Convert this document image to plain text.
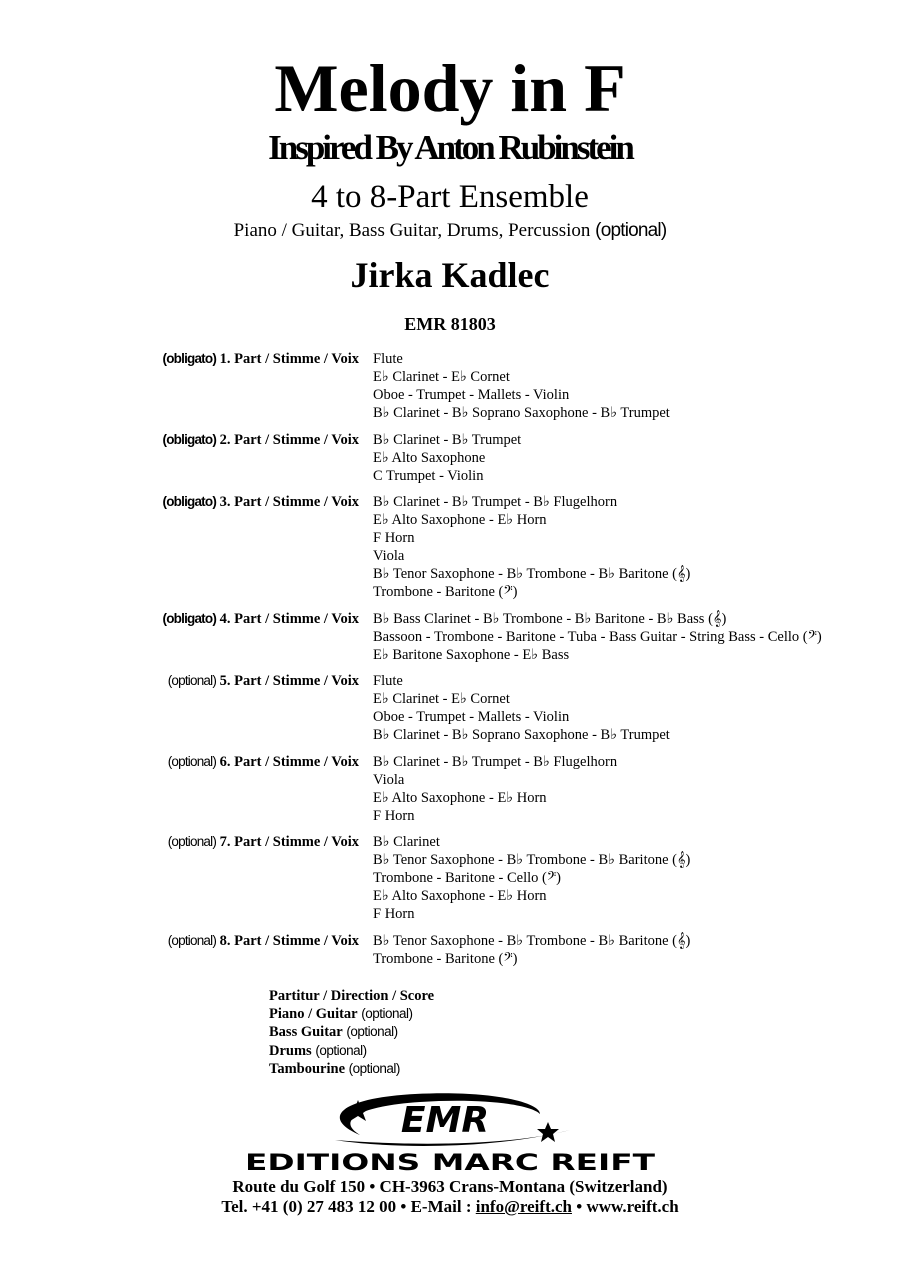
Melody in F
Inspired By Anton Rubinstein
4 to 8-Part Ensemble
Piano / Guitar, Bass Guitar, Drums, Percussion (optional)
Jirka Kadlec
EMR 81803
(obligato) 1. Part / Stimme / Voix Flute
E♭ Clarinet - E♭ Cornet
Oboe - Trumpet - Mallets - Violin
B♭ Clarinet - B♭ Soprano Saxophone - B♭ Trumpet
(obligato) 2. Part / Stimme / Voix B♭ Clarinet - B♭ Trumpet
E♭ Alto Saxophone
C Trumpet - Violin
(obligato) 3. Part / Stimme / Voix B♭ Clarinet - B♭ Trumpet - B♭ Flugelhorn
E♭ Alto Saxophone - E♭ Horn
F Horn
Viola
B♭ Tenor Saxophone - B♭ Trombone - B♭ Baritone (𝄞)
Trombone - Baritone (𝄢)
(obligato) 4. Part / Stimme / Voix B♭ Bass Clarinet - B♭ Trombone - B♭ Baritone - B♭ Bass (𝄞)
Bassoon - Trombone - Baritone - Tuba - Bass Guitar - String Bass - Cello (𝄢)
E♭ Baritone Saxophone - E♭ Bass
(optional) 5. Part / Stimme / Voix Flute
E♭ Clarinet - E♭ Cornet
Oboe - Trumpet - Mallets - Violin
B♭ Clarinet - B♭ Soprano Saxophone - B♭ Trumpet
(optional) 6. Part / Stimme / Voix B♭ Clarinet - B♭ Trumpet - B♭ Flugelhorn
Viola
E♭ Alto Saxophone - E♭ Horn
F Horn
(optional) 7. Part / Stimme / Voix B♭ Clarinet
B♭ Tenor Saxophone - B♭ Trombone - B♭ Baritone (𝄞)
Trombone - Baritone - Cello (𝄢)
E♭ Alto Saxophone - E♭ Horn
F Horn
(optional) 8. Part / Stimme / Voix B♭ Tenor Saxophone - B♭ Trombone - B♭ Baritone (𝄞)
Trombone - Baritone (𝄢)
Partitur / Direction / Score
Piano / Guitar (optional)
Bass Guitar (optional)
Drums (optional)
Tambourine (optional)
EMR
EDITIONS MARC REIFT
Route du Golf 150 • CH-3963 Crans-Montana (Switzerland)
Tel. +41 (0) 27 483 12 00 • E-Mail : info@reift.ch • www.reift.ch
